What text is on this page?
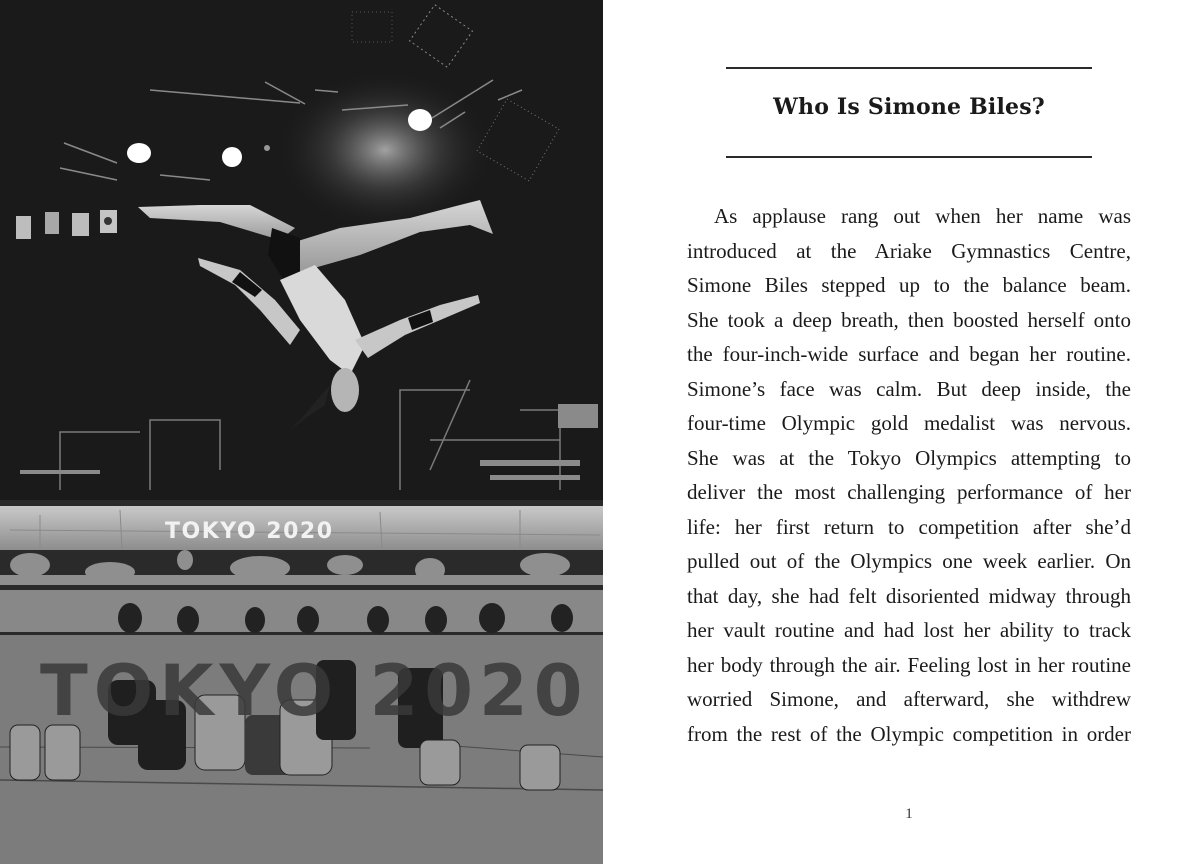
TOKYO 2020
TOKYO 2020
Who Is Simone Biles?
As applause rang out when her name was
introduced at the Ariake Gymnastics Centre,
Simone Biles stepped up to the balance beam.
She took a deep breath, then boosted herself onto
the four-inch-wide surface and began her routine.
Simone’s face was calm. But deep inside, the
four-time Olympic gold medalist was nervous.
She was at the Tokyo Olympics attempting to
deliver the most challenging performance of her
life: her first return to competition after she’d
pulled out of the Olympics one week earlier. On
that day, she had felt disoriented midway through
her vault routine and had lost her ability to track
her body through the air. Feeling lost in her routine
worried Simone, and afterward, she withdrew
from the rest of the Olympic competition in order
1
